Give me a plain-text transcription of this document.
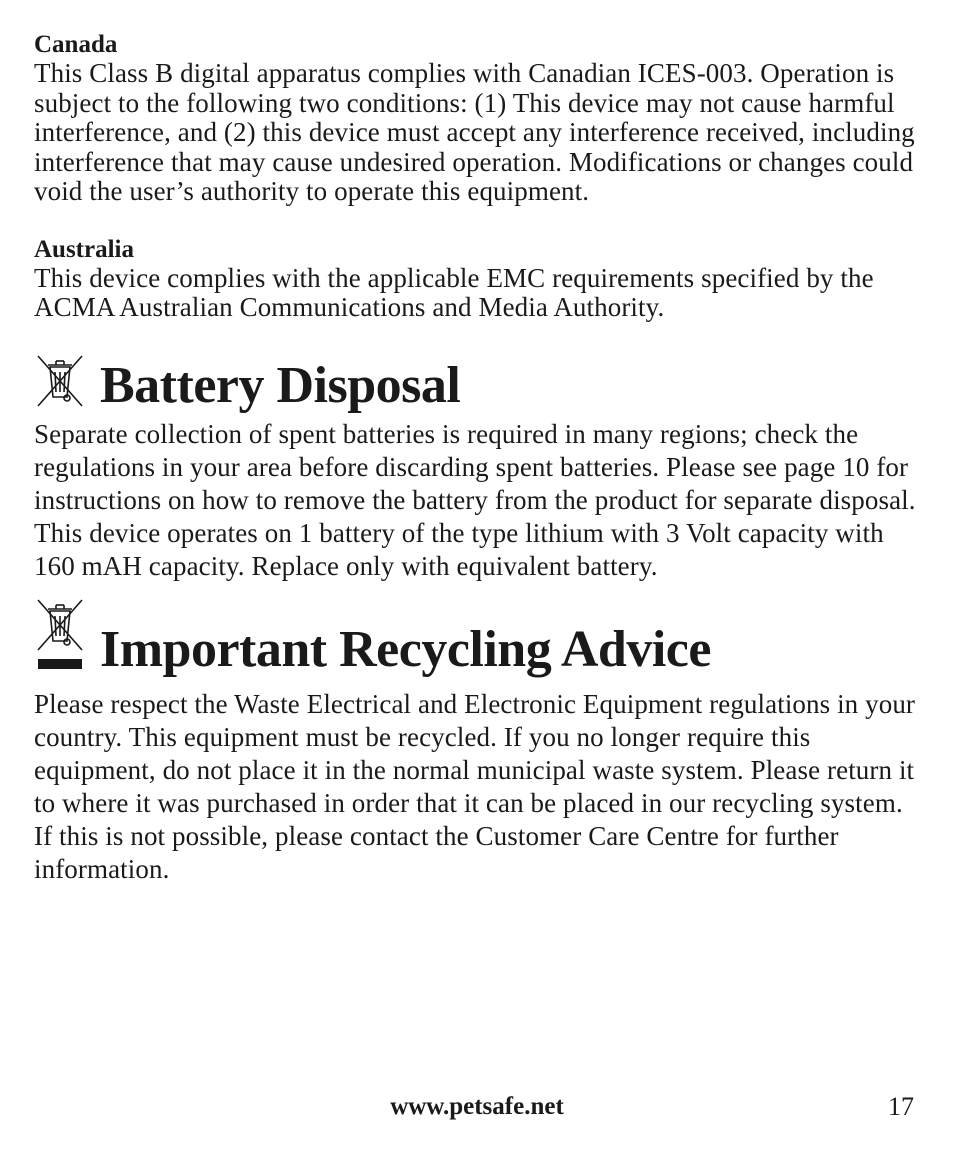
Canada

This Class B digital apparatus complies with Canadian ICES-003. Operation is subject to the following two conditions: (1) This device may not cause harmful interference, and (2) this device must accept any interference received, including interference that may cause undesired operation. Modifications or changes could void the user’s authority to operate this equipment.

Australia

This device complies with the applicable EMC requirements specified by the ACMA Australian Communications and Media Authority.

Battery Disposal

Separate collection of spent batteries is required in many regions; check the regulations in your area before discarding spent batteries. Please see page 10 for instructions on how to remove the battery from the product for separate disposal. This device operates on 1 battery of the type lithium with 3 Volt capacity with 160 mAH capacity. Replace only with equivalent battery.

Important Recycling Advice

Please respect the Waste Electrical and Electronic Equipment regulations in your country. This equipment must be recycled. If you no longer require this equipment, do not place it in the normal municipal waste system. Please return it to where it was purchased in order that it can be placed in our recycling system. If this is not possible, please contact the Customer Care Centre for further information.

www.petsafe.net	17
